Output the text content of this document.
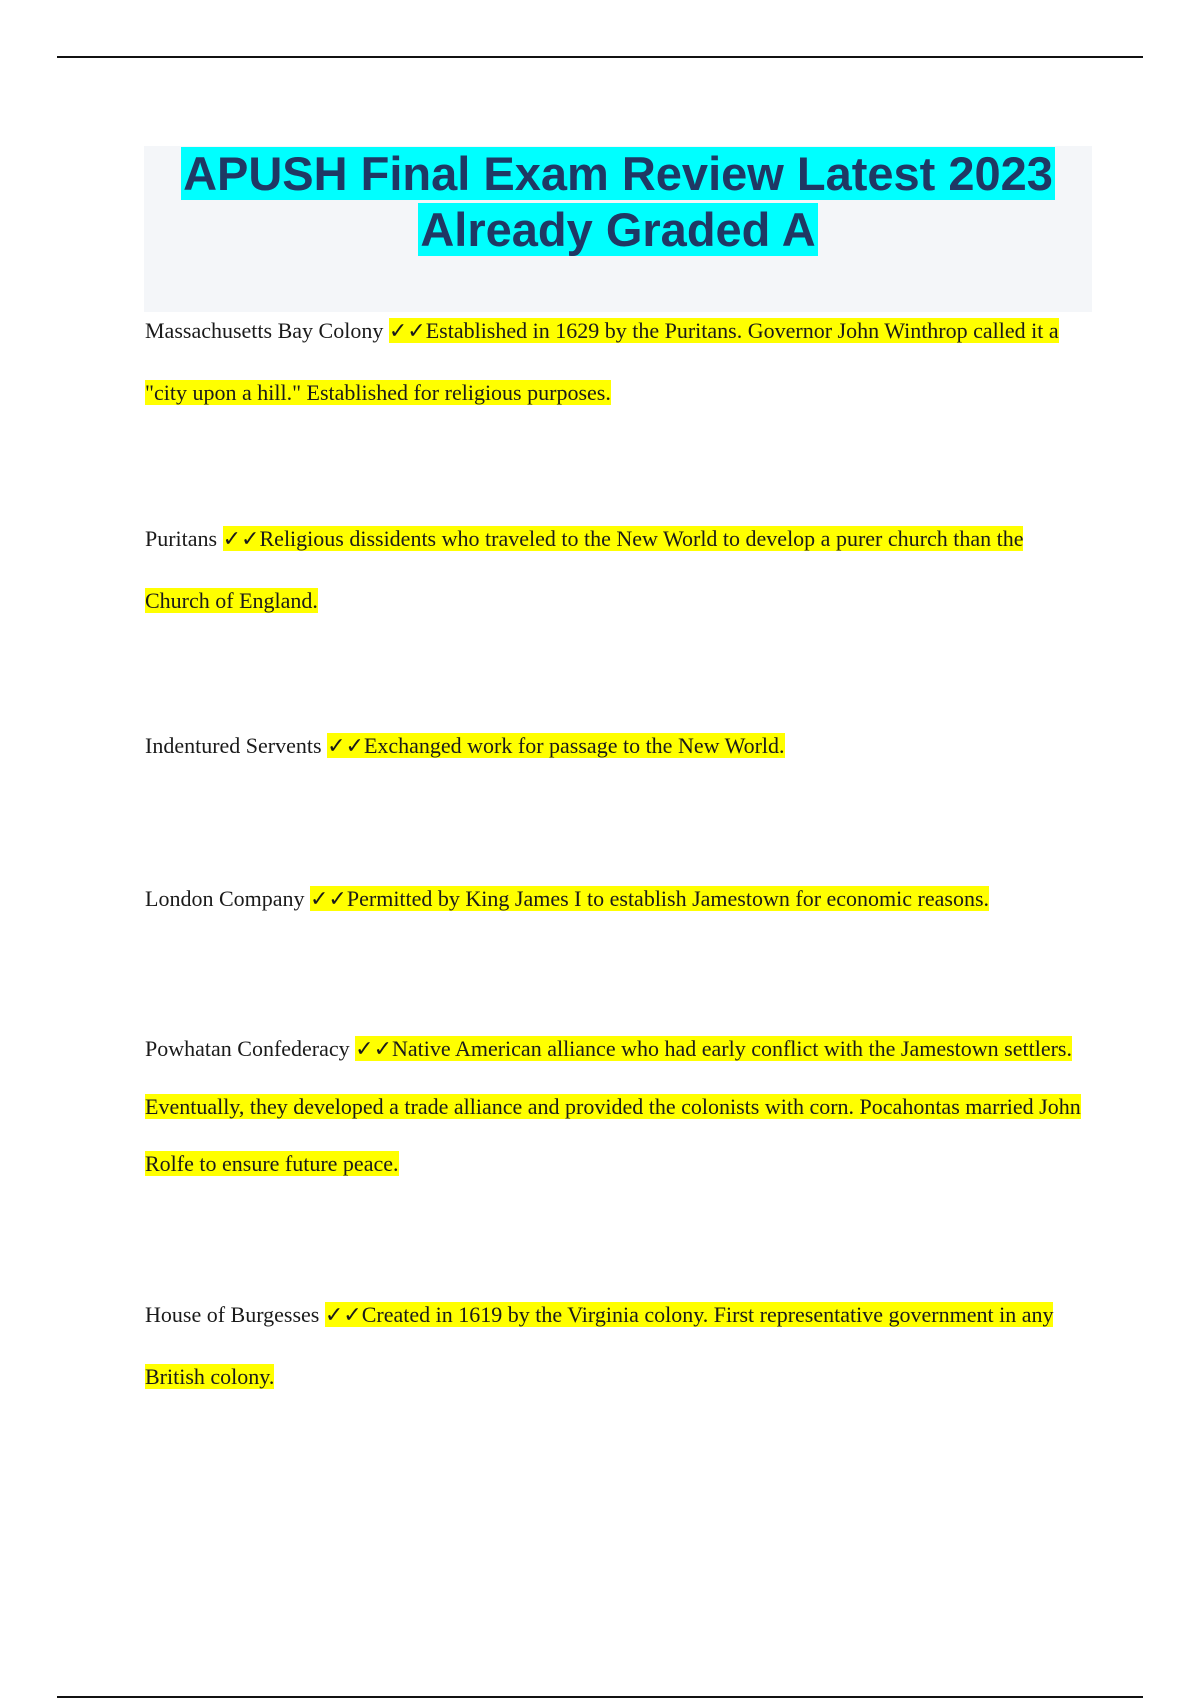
APUSH Final Exam Review Latest 2023
Already Graded A

Massachusetts Bay Colony ✓✓Established in 1629 by the Puritans. Governor John Winthrop called it a "city upon a hill." Established for religious purposes.

Puritans ✓✓Religious dissidents who traveled to the New World to develop a purer church than the Church of England.

Indentured Servents ✓✓Exchanged work for passage to the New World.

London Company ✓✓Permitted by King James I to establish Jamestown for economic reasons.

Powhatan Confederacy ✓✓Native American alliance who had early conflict with the Jamestown settlers. Eventually, they developed a trade alliance and provided the colonists with corn. Pocahontas married John Rolfe to ensure future peace.

House of Burgesses ✓✓Created in 1619 by the Virginia colony. First representative government in any British colony.
